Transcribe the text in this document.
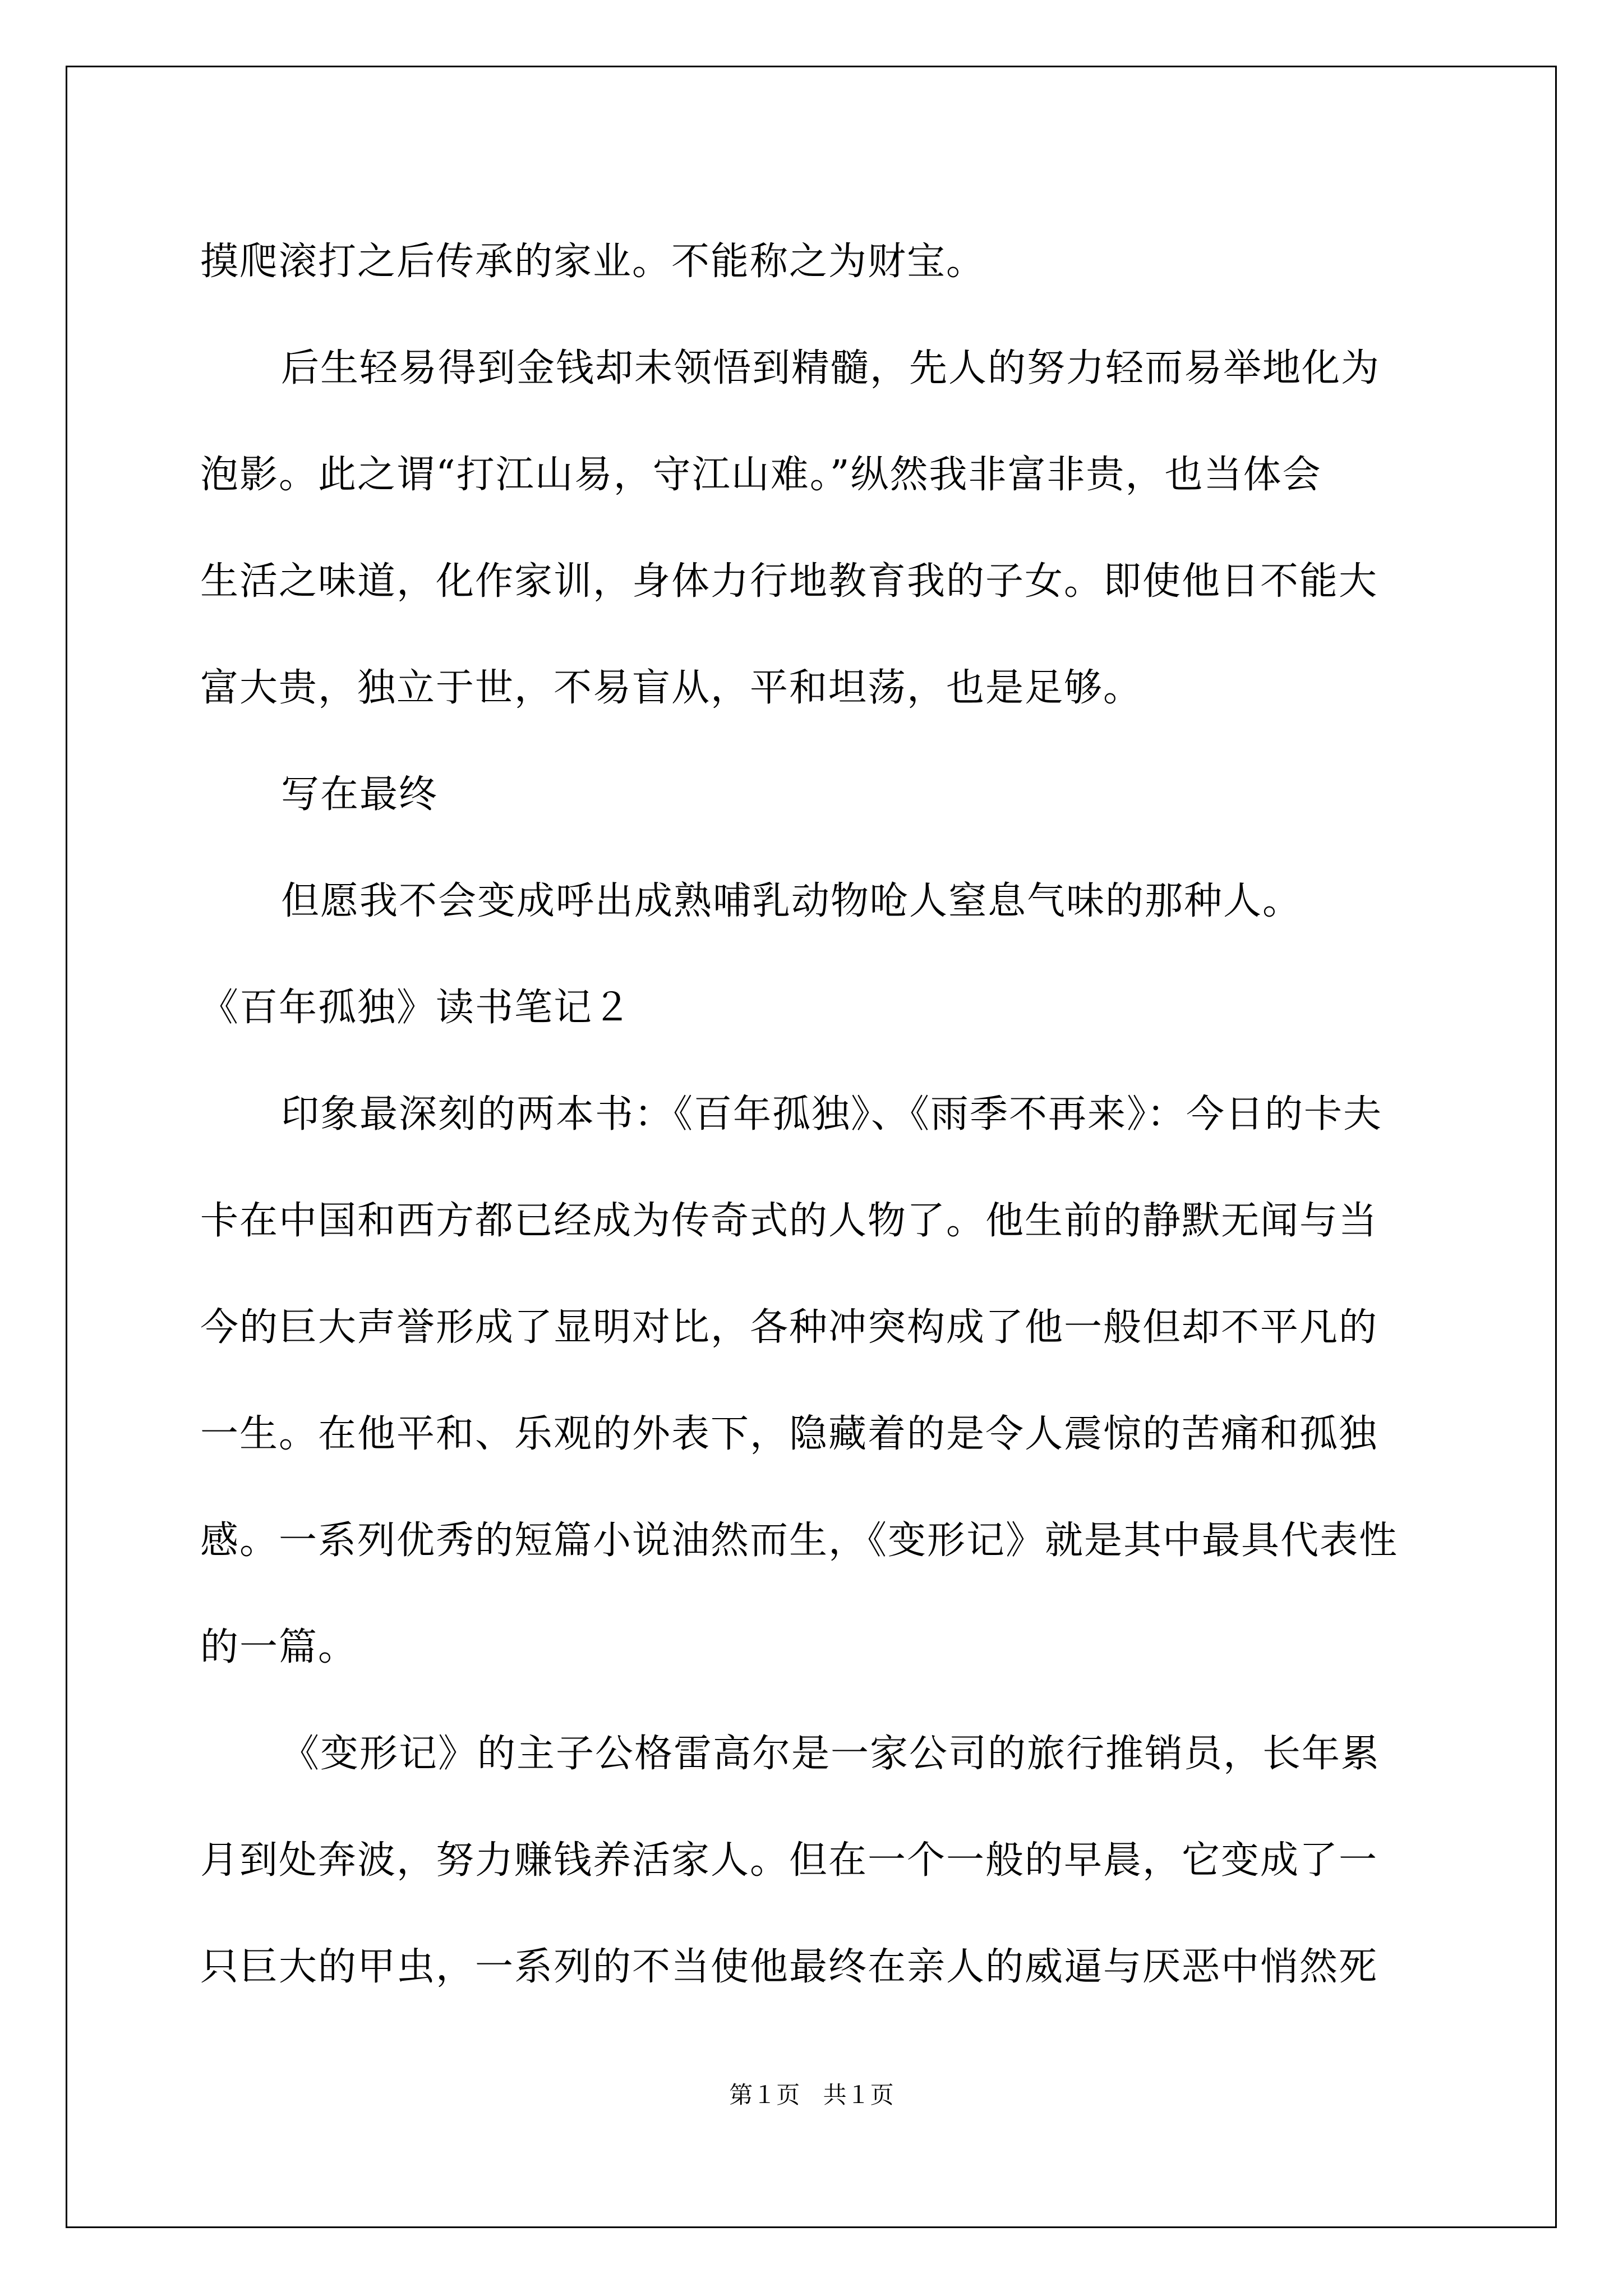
摸爬滚打之后传承的家业。不能称之为财宝。
后生轻易得到金钱却未领悟到精髓，先人的努力轻而易举地化为
泡影。此之谓“打江山易，守江山难。”纵然我非富非贵，也当体会
生活之味道，化作家训，身体力行地教育我的子女。即使他日不能大
富大贵，独立于世，不易盲从，平和坦荡，也是足够。
写在最终
但愿我不会变成呼出成熟哺乳动物呛人窒息气味的那种人。
《百年孤独》读书笔记２
印象最深刻的两本书：《百年孤独》、《雨季不再来》：今日的卡夫
卡在中国和西方都已经成为传奇式的人物了。他生前的静默无闻与当
今的巨大声誉形成了显明对比，各种冲突构成了他一般但却不平凡的
一生。在他平和、乐观的外表下，隐藏着的是令人震惊的苦痛和孤独
感。一系列优秀的短篇小说油然而生，《变形记》就是其中最具代表性
的一篇。
《变形记》的主子公格雷高尔是一家公司的旅行推销员，长年累
月到处奔波，努力赚钱养活家人。但在一个一般的早晨，它变成了一
只巨大的甲虫，一系列的不当使他最终在亲人的威逼与厌恶中悄然死
第１页 共１页
